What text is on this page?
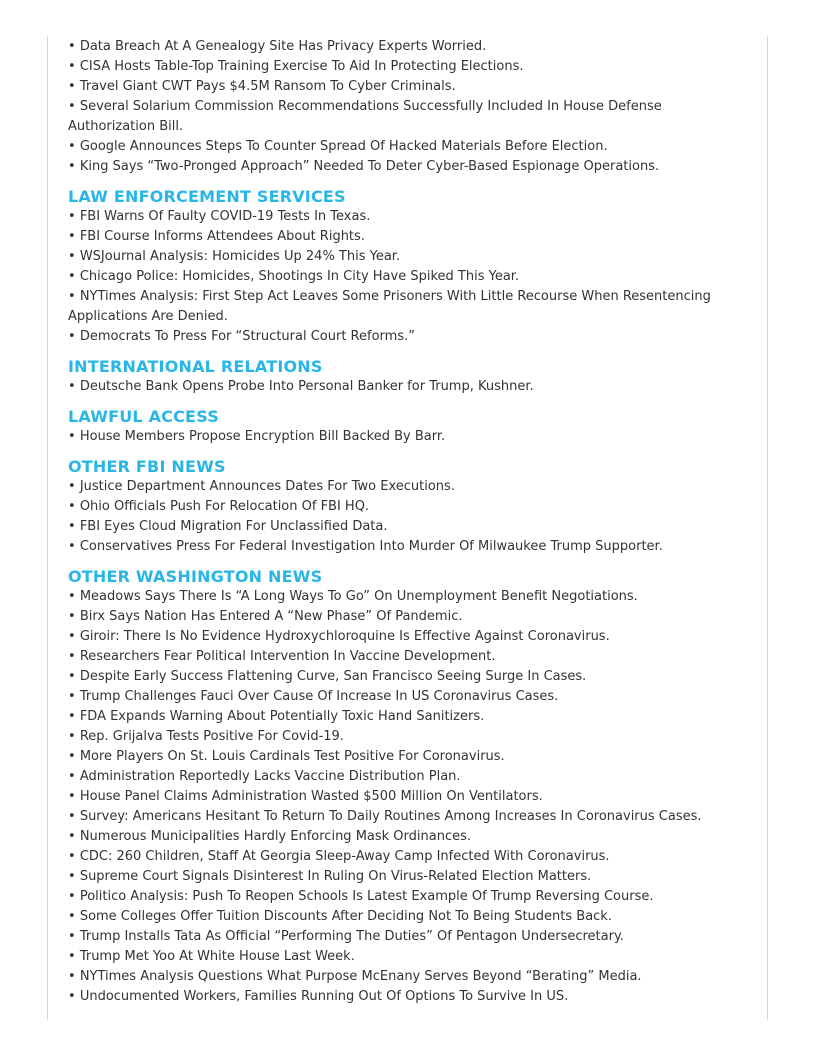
• Data Breach At A Genealogy Site Has Privacy Experts Worried.

• CISA Hosts Table-Top Training Exercise To Aid In Protecting Elections.

• Travel Giant CWT Pays $4.5M Ransom To Cyber Criminals.

• Several Solarium Commission Recommendations Successfully Included In House Defense Authorization Bill.

• Google Announces Steps To Counter Spread Of Hacked Materials Before Election.

• King Says “Two-Pronged Approach” Needed To Deter Cyber-Based Espionage Operations.

LAW ENFORCEMENT SERVICES

• FBI Warns Of Faulty COVID-19 Tests In Texas.

• FBI Course Informs Attendees About Rights.

• WSJournal Analysis: Homicides Up 24% This Year.

• Chicago Police: Homicides, Shootings In City Have Spiked This Year.

• NYTimes Analysis: First Step Act Leaves Some Prisoners With Little Recourse When Resentencing Applications Are Denied.

• Democrats To Press For “Structural Court Reforms.”

INTERNATIONAL RELATIONS

• Deutsche Bank Opens Probe Into Personal Banker for Trump, Kushner.

LAWFUL ACCESS

• House Members Propose Encryption Bill Backed By Barr.

OTHER FBI NEWS

• Justice Department Announces Dates For Two Executions.

• Ohio Officials Push For Relocation Of FBI HQ.

• FBI Eyes Cloud Migration For Unclassified Data.

• Conservatives Press For Federal Investigation Into Murder Of Milwaukee Trump Supporter.

OTHER WASHINGTON NEWS

• Meadows Says There Is “A Long Ways To Go” On Unemployment Benefit Negotiations.

• Birx Says Nation Has Entered A “New Phase” Of Pandemic.

• Giroir: There Is No Evidence Hydroxychloroquine Is Effective Against Coronavirus.

• Researchers Fear Political Intervention In Vaccine Development.

• Despite Early Success Flattening Curve, San Francisco Seeing Surge In Cases.

• Trump Challenges Fauci Over Cause Of Increase In US Coronavirus Cases.

• FDA Expands Warning About Potentially Toxic Hand Sanitizers.

• Rep. Grijalva Tests Positive For Covid-19.

• More Players On St. Louis Cardinals Test Positive For Coronavirus.

• Administration Reportedly Lacks Vaccine Distribution Plan.

• House Panel Claims Administration Wasted $500 Million On Ventilators.

• Survey: Americans Hesitant To Return To Daily Routines Among Increases In Coronavirus Cases.

• Numerous Municipalities Hardly Enforcing Mask Ordinances.

• CDC: 260 Children, Staff At Georgia Sleep-Away Camp Infected With Coronavirus.

• Supreme Court Signals Disinterest In Ruling On Virus-Related Election Matters.

• Politico Analysis: Push To Reopen Schools Is Latest Example Of Trump Reversing Course.

• Some Colleges Offer Tuition Discounts After Deciding Not To Being Students Back.

• Trump Installs Tata As Official “Performing The Duties” Of Pentagon Undersecretary.

• Trump Met Yoo At White House Last Week.

• NYTimes Analysis Questions What Purpose McEnany Serves Beyond “Berating” Media.

• Undocumented Workers, Families Running Out Of Options To Survive In US.
